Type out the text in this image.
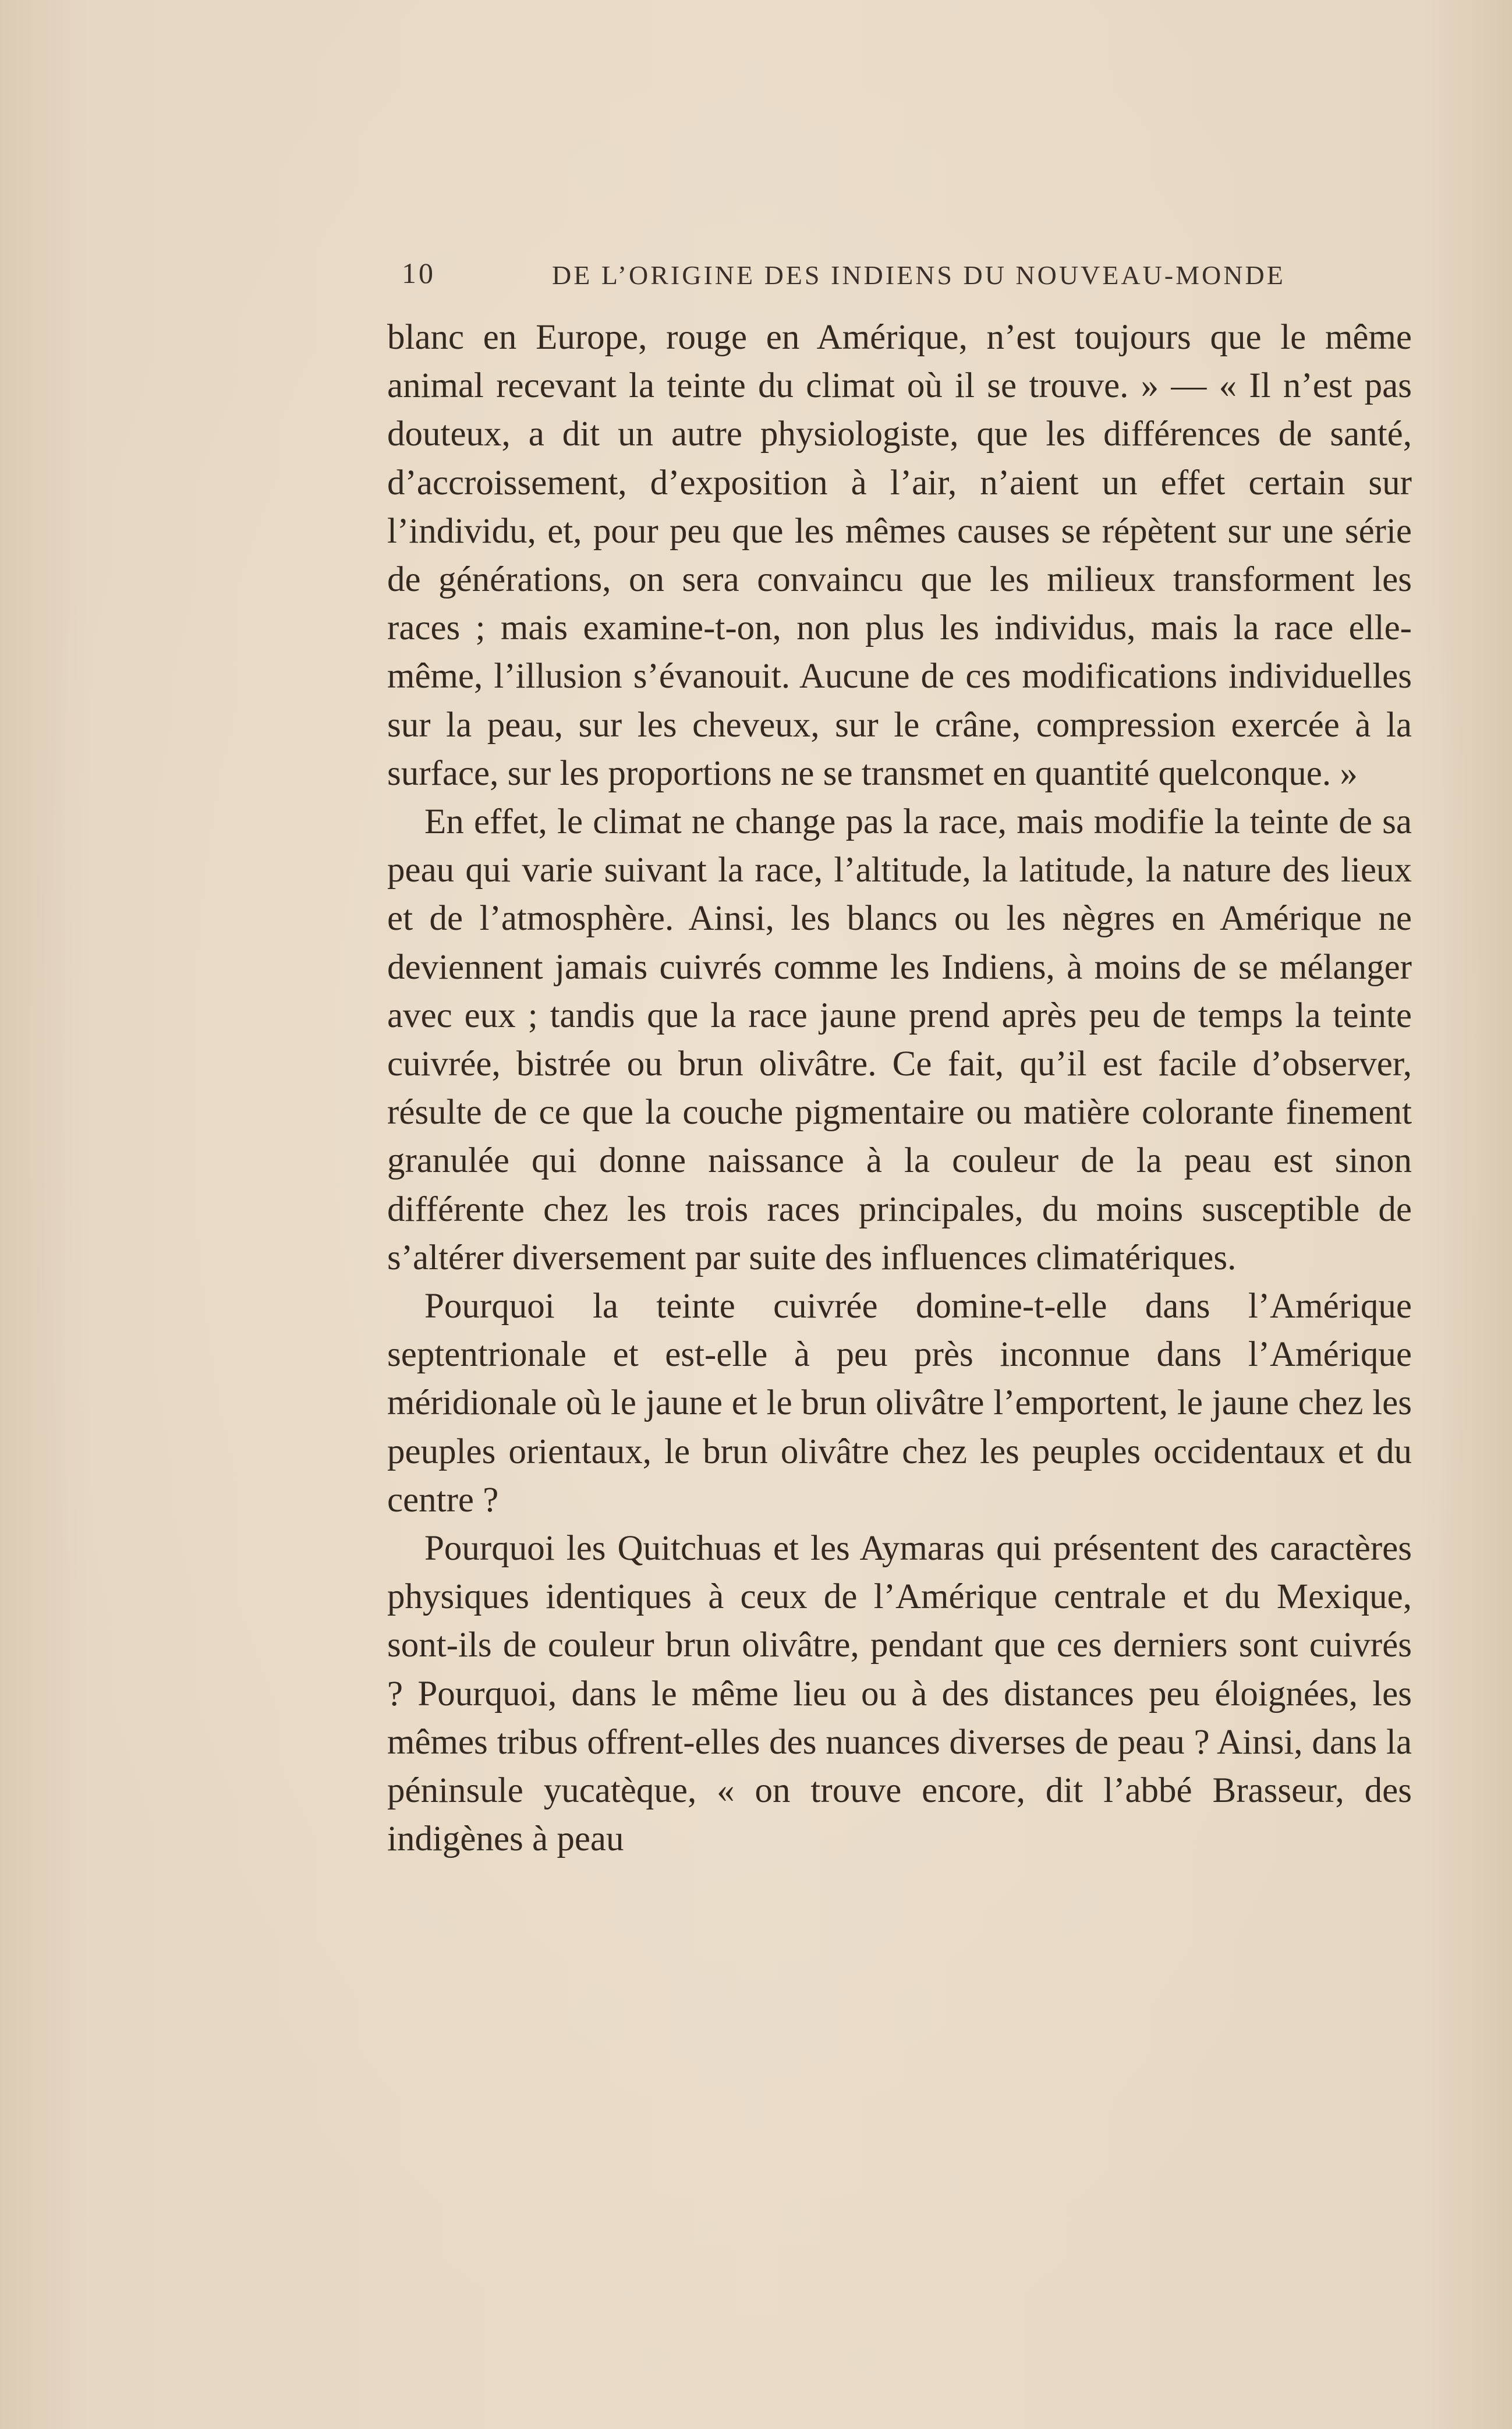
10	DE L’ORIGINE DES INDIENS DU NOUVEAU-MONDE

blanc en Europe, rouge en Amérique, n’est toujours que le même animal recevant la teinte du climat où il se trouve. » — « Il n’est pas douteux, a dit un autre physiologiste, que les différences de santé, d’accroissement, d’exposition à l’air, n’aient un effet certain sur l’individu, et, pour peu que les mêmes causes se répètent sur une série de générations, on sera convaincu que les milieux transforment les races ; mais examine-t-on, non plus les individus, mais la race elle-même, l’illusion s’évanouit. Aucune de ces modifications individuelles sur la peau, sur les cheveux, sur le crâne, compression exercée à la surface, sur les proportions ne se transmet en quantité quelconque. »

En effet, le climat ne change pas la race, mais modifie la teinte de sa peau qui varie suivant la race, l’altitude, la latitude, la nature des lieux et de l’atmosphère. Ainsi, les blancs ou les nègres en Amérique ne deviennent jamais cuivrés comme les Indiens, à moins de se mélanger avec eux ; tandis que la race jaune prend après peu de temps la teinte cuivrée, bistrée ou brun olivâtre. Ce fait, qu’il est facile d’observer, résulte de ce que la couche pigmentaire ou matière colorante finement granulée qui donne naissance à la couleur de la peau est sinon différente chez les trois races principales, du moins susceptible de s’altérer diversement par suite des influences climatériques.

Pourquoi la teinte cuivrée domine-t-elle dans l’Amérique septentrionale et est-elle à peu près inconnue dans l’Amérique méridionale où le jaune et le brun olivâtre l’emportent, le jaune chez les peuples orientaux, le brun olivâtre chez les peuples occidentaux et du centre ?

Pourquoi les Quitchuas et les Aymaras qui présentent des caractères physiques identiques à ceux de l’Amérique centrale et du Mexique, sont-ils de couleur brun olivâtre, pendant que ces derniers sont cuivrés ? Pourquoi, dans le même lieu ou à des distances peu éloignées, les mêmes tribus offrent-elles des nuances diverses de peau ? Ainsi, dans la péninsule yucatèque, « on trouve encore, dit l’abbé Brasseur, des indigènes à peau
